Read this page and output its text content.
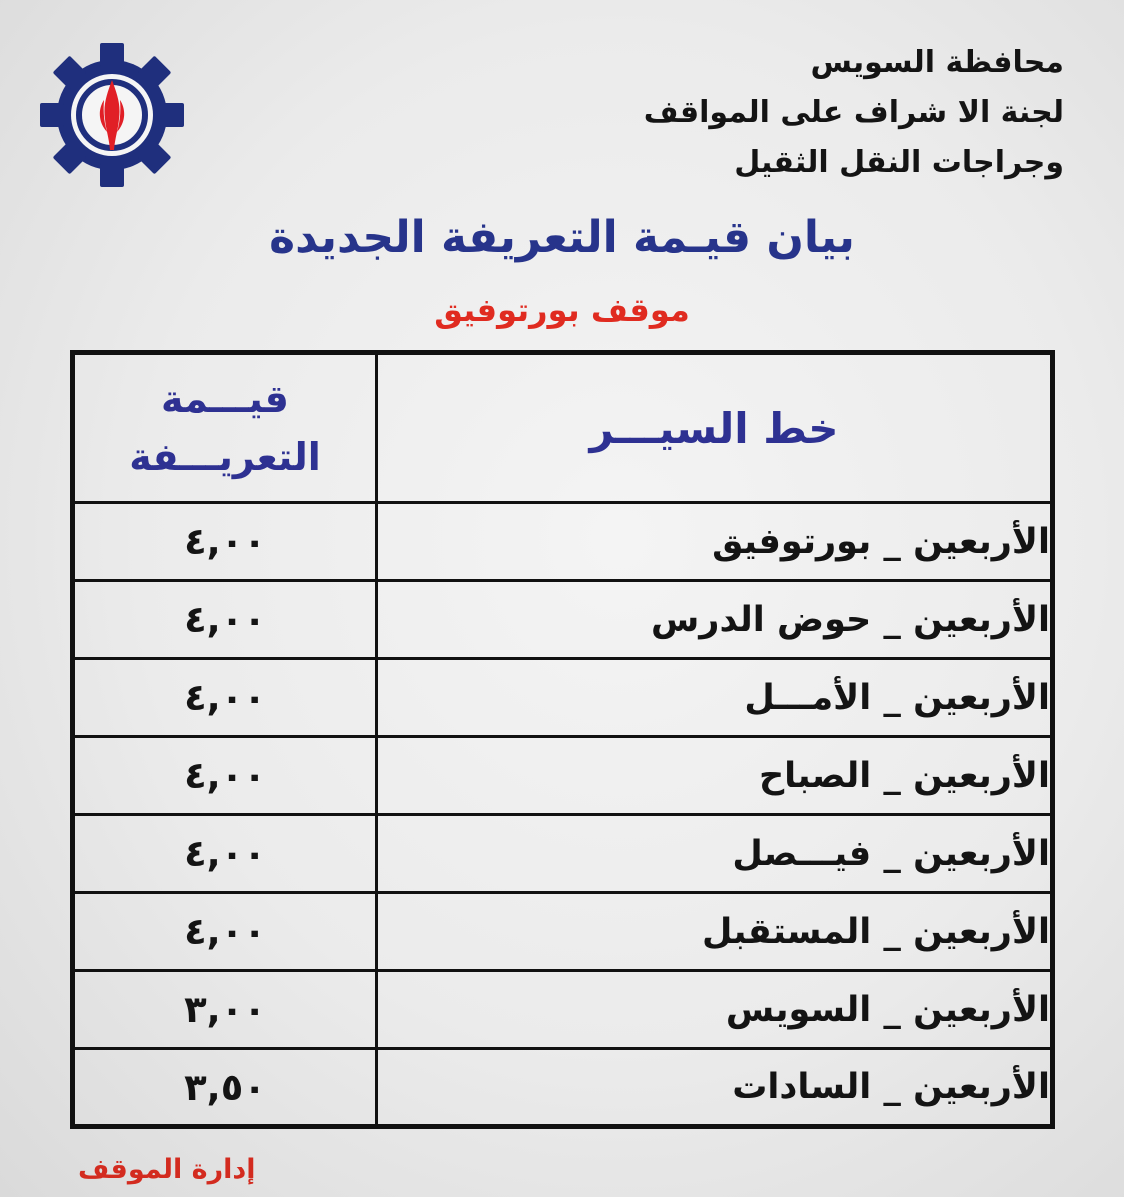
محافظة السويس
لجنة الا شراف على المواقف
وجراجات النقل الثقيل
بيان قيـمة التعريفة الجديدة
موقف بورتوفيق
خط السيـــر	قيـــمة
التعريـــفة

الأربعين _ بورتوفيق	٤,٠٠
الأربعين _ حوض الدرس	٤,٠٠
الأربعين _ الأمـــل	٤,٠٠
الأربعين _ الصباح	٤,٠٠
الأربعين _ فيـــصل	٤,٠٠
الأربعين _ المستقبل	٤,٠٠
الأربعين _ السويس	٣,٠٠
الأربعين _ السادات	٣,٥٠
إدارة الموقف
